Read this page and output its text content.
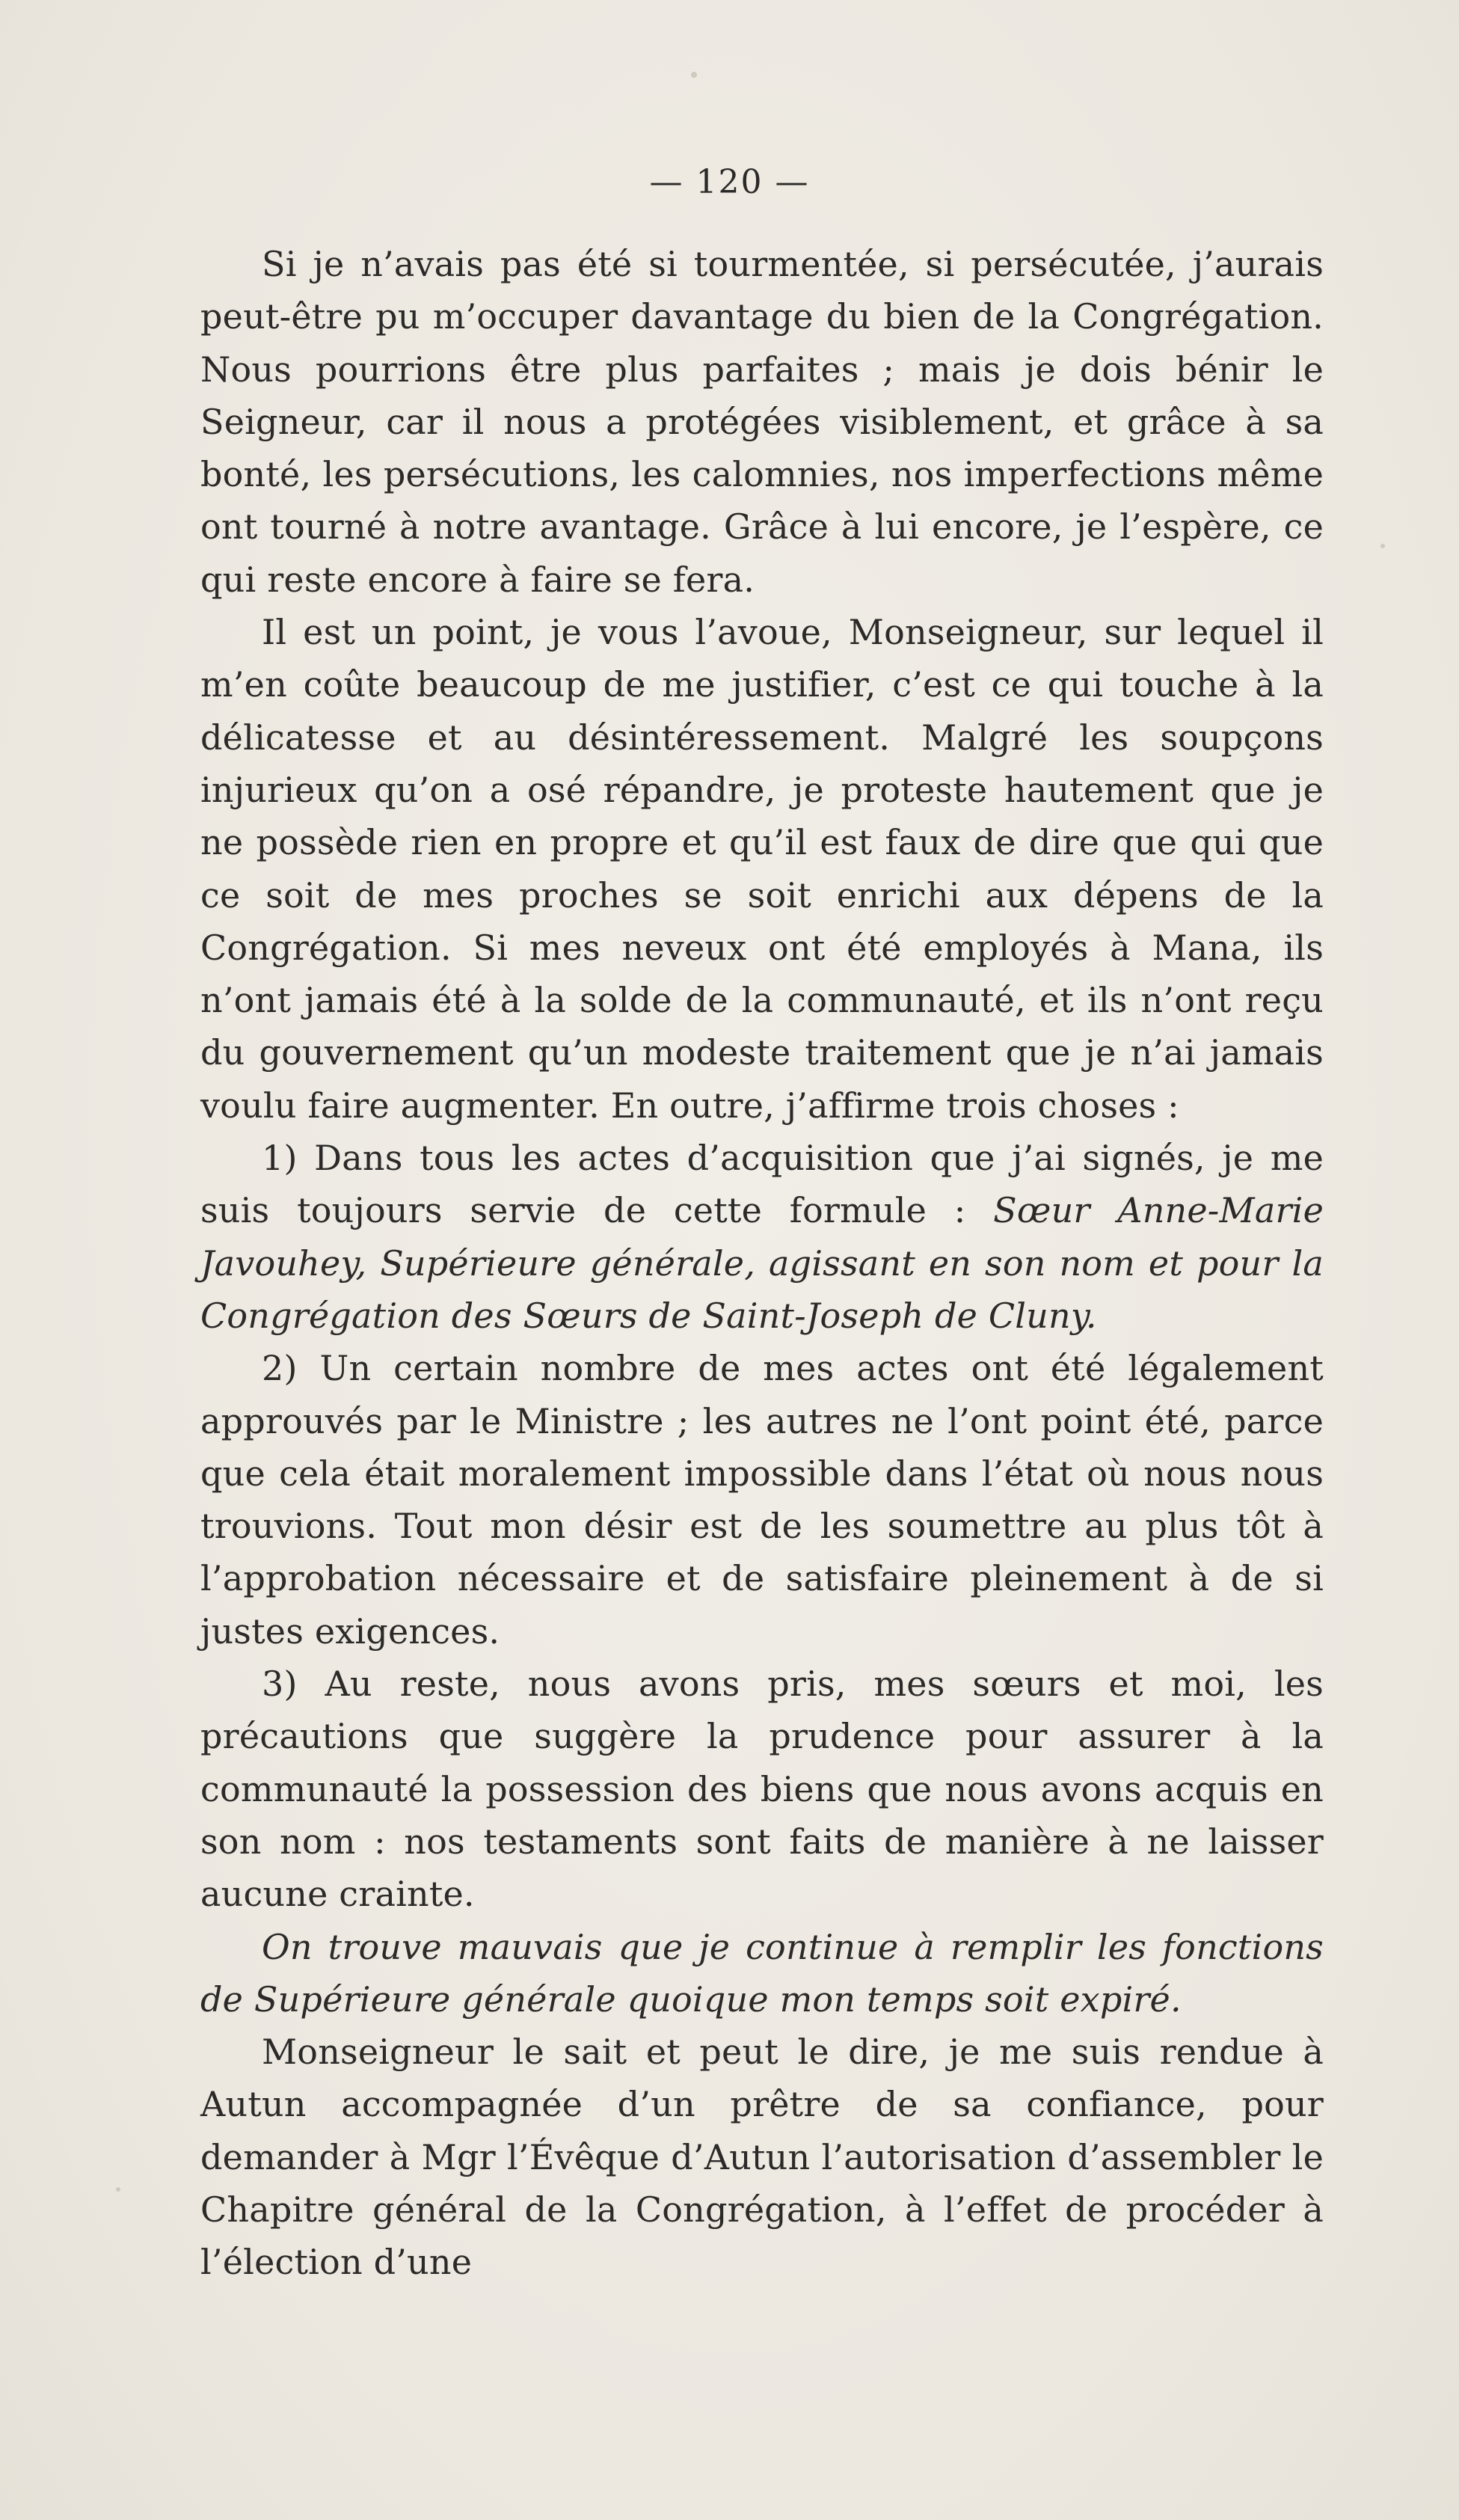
— 120 —

Si je n’avais pas été si tourmentée, si persécutée, j’aurais peut-être pu m’occuper davantage du bien de la Congrégation. Nous pourrions être plus parfaites ; mais je dois bénir le Seigneur, car il nous a protégées visiblement, et grâce à sa bonté, les persécutions, les calomnies, nos imperfections même ont tourné à notre avantage. Grâce à lui encore, je l’espère, ce qui reste encore à faire se fera.

Il est un point, je vous l’avoue, Monseigneur, sur lequel il m’en coûte beaucoup de me justifier, c’est ce qui touche à la délicatesse et au désintéressement. Malgré les soupçons injurieux qu’on a osé répandre, je proteste hautement que je ne possède rien en propre et qu’il est faux de dire que qui que ce soit de mes proches se soit enrichi aux dépens de la Congrégation. Si mes neveux ont été employés à Mana, ils n’ont jamais été à la solde de la communauté, et ils n’ont reçu du gouvernement qu’un modeste traitement que je n’ai jamais voulu faire augmenter. En outre, j’affirme trois choses :

1) Dans tous les actes d’acquisition que j’ai signés, je me suis toujours servie de cette formule : Sœur Anne-Marie Javouhey, Supérieure générale, agissant en son nom et pour la Congrégation des Sœurs de Saint-Joseph de Cluny.

2) Un certain nombre de mes actes ont été légalement approuvés par le Ministre ; les autres ne l’ont point été, parce que cela était moralement impossible dans l’état où nous nous trouvions. Tout mon désir est de les soumettre au plus tôt à l’approbation nécessaire et de satisfaire pleinement à de si justes exigences.

3) Au reste, nous avons pris, mes sœurs et moi, les précautions que suggère la prudence pour assurer à la communauté la possession des biens que nous avons acquis en son nom : nos testaments sont faits de manière à ne laisser aucune crainte.

On trouve mauvais que je continue à remplir les fonctions de Supérieure générale quoique mon temps soit expiré.

Monseigneur le sait et peut le dire, je me suis rendue à Autun accompagnée d’un prêtre de sa confiance, pour demander à Mgr l’Évêque d’Autun l’autorisation d’assembler le Chapitre général de la Congrégation, à l’effet de procéder à l’élection d’une
